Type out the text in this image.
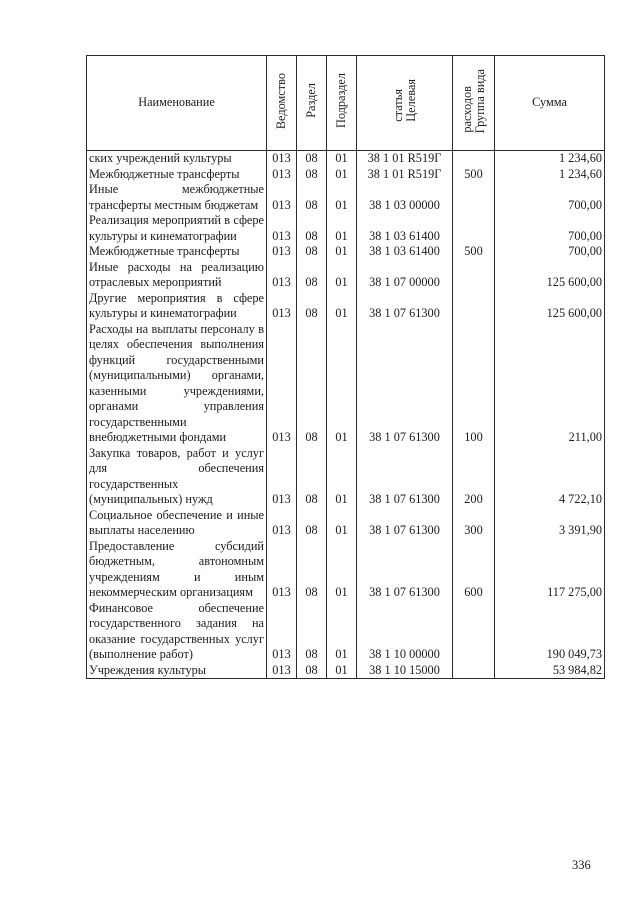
Наименование	Ведомство	Раздел	Подраздел	статьяЦелевая	расходовГруппа вида	Сумма
ских учреждений культуры	013	08	01	38 1 01 R519Г		1 234,60
Межбюджетные трансферты	013	08	01	38 1 01 R519Г	500	1 234,60
Иные межбюджетные трансферты местным бюджетам	013	08	01	38 1 03 00000		700,00
Реализация мероприятий в сфере культуры и кинематографии	013	08	01	38 1 03 61400		700,00
Межбюджетные трансферты	013	08	01	38 1 03 61400	500	700,00
Иные расходы на реализацию отраслевых мероприятий	013	08	01	38 1 07 00000		125 600,00
Другие мероприятия в сфере культуры и кинематографии	013	08	01	38 1 07 61300		125 600,00
Расходы на выплаты персоналу в целях обеспечения выполнения функций государственными (муниципальными) органами, казенными учреждениями, органами управления государственными внебюджетными фондами	013	08	01	38 1 07 61300	100	211,00
Закупка товаров, работ и услуг для обеспечения государственных (муниципальных) нужд	013	08	01	38 1 07 61300	200	4 722,10
Социальное обеспечение и иные выплаты населению	013	08	01	38 1 07 61300	300	3 391,90
Предоставление субсидий бюджетным, автономным учреждениям и иным некоммерческим организациям	013	08	01	38 1 07 61300	600	117 275,00
Финансовое обеспечение государственного задания на оказание государственных услуг (выполнение работ)	013	08	01	38 1 10 00000		190 049,73
Учреждения культуры	013	08	01	38 1 10 15000		53 984,82
336
